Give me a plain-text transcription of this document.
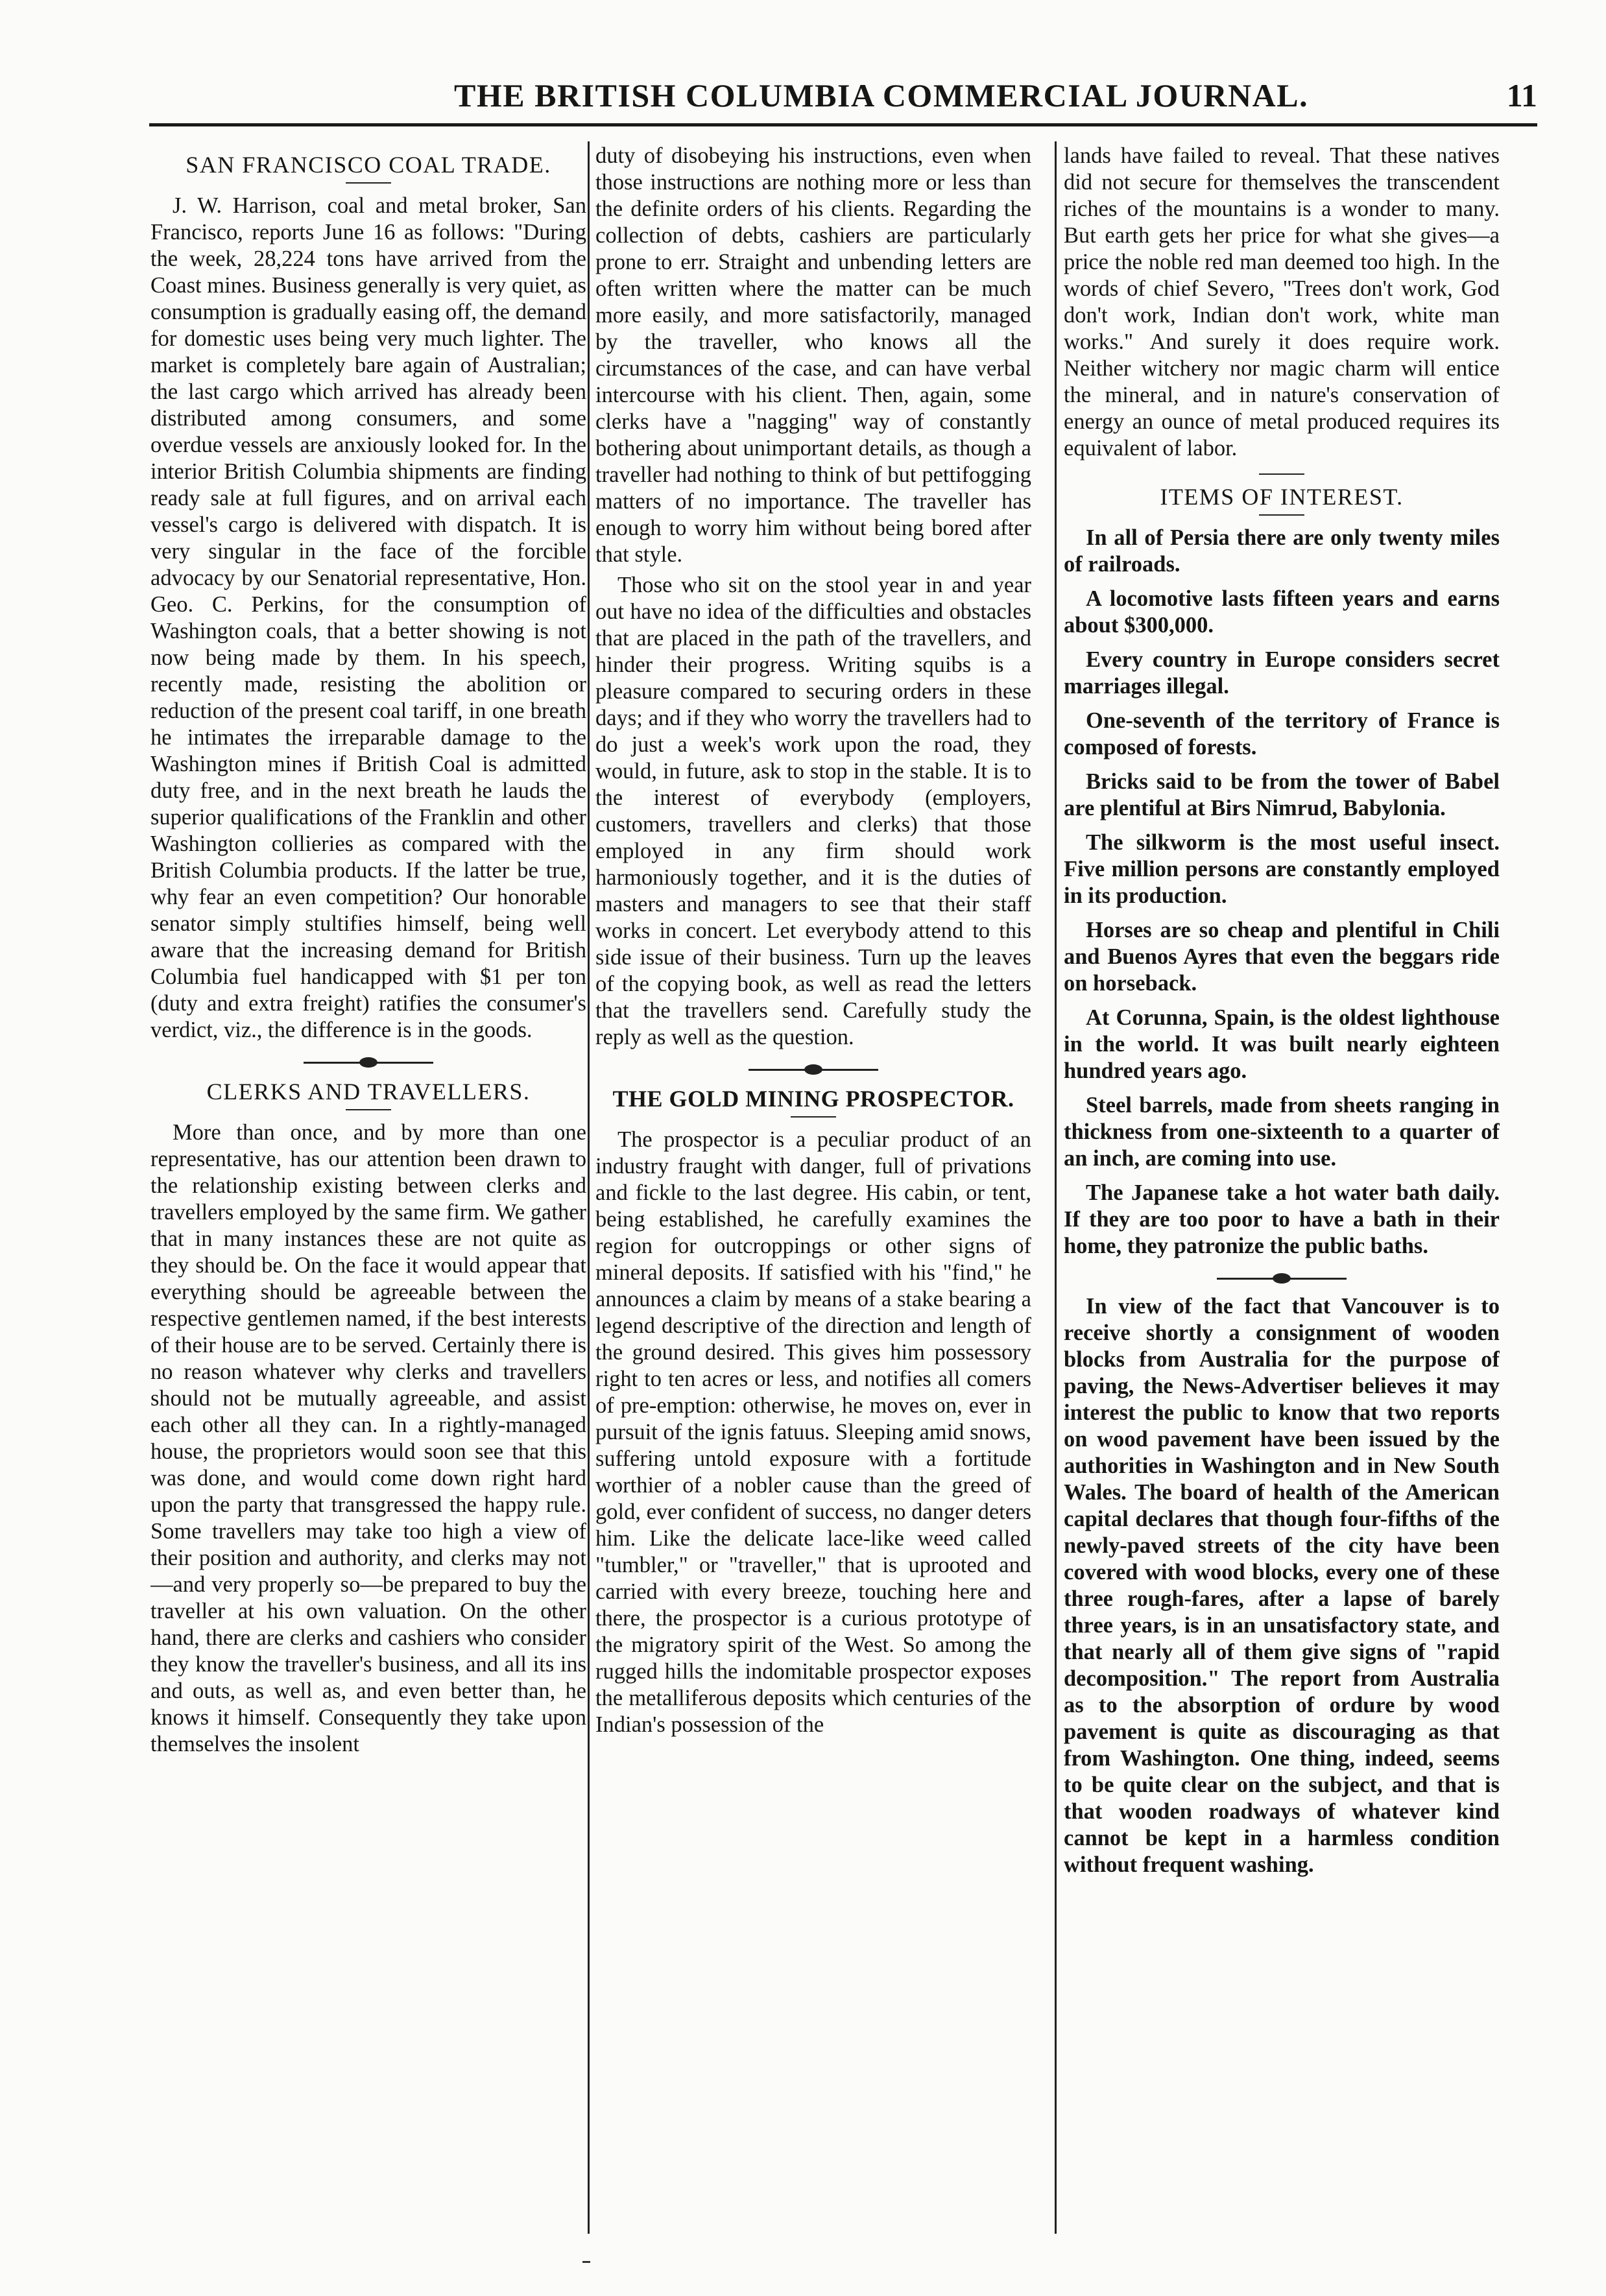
THE BRITISH COLUMBIA COMMERCIAL JOURNAL.	11
SAN FRANCISCO COAL TRADE.

J. W. Harrison, coal and metal broker, San Francisco, reports June 16 as follows: "During the week, 28,224 tons have arrived from the Coast mines. Business generally is very quiet, as consumption is gradually easing off, the demand for domestic uses being very much lighter. The market is completely bare again of Australian; the last cargo which arrived has already been distributed among consumers, and some overdue vessels are anxiously looked for. In the interior British Columbia shipments are finding ready sale at full figures, and on arrival each vessel's cargo is delivered with dispatch. It is very singular in the face of the forcible advocacy by our Senatorial representative, Hon. Geo. C. Perkins, for the consumption of Washington coals, that a better showing is not now being made by them. In his speech, recently made, resisting the abolition or reduction of the present coal tariff, in one breath he intimates the irreparable damage to the Washington mines if British Coal is admitted duty free, and in the next breath he lauds the superior qualifications of the Franklin and other Washington collieries as compared with the British Columbia products. If the latter be true, why fear an even competition? Our honorable senator simply stultifies himself, being well aware that the increasing demand for British Columbia fuel handicapped with $1 per ton (duty and extra freight) ratifies the consumer's verdict, viz., the difference is in the goods.

CLERKS AND TRAVELLERS.

More than once, and by more than one representative, has our attention been drawn to the relationship existing between clerks and travellers employed by the same firm. We gather that in many instances these are not quite as they should be. On the face it would appear that everything should be agreeable between the respective gentlemen named, if the best interests of their house are to be served. Certainly there is no reason whatever why clerks and travellers should not be mutually agreeable, and assist each other all they can. In a rightly-managed house, the proprietors would soon see that this was done, and would come down right hard upon the party that transgressed the happy rule. Some travellers may take too high a view of their position and authority, and clerks may not—and very properly so—be prepared to buy the traveller at his own valuation. On the other hand, there are clerks and cashiers who consider they know the traveller's business, and all its ins and outs, as well as, and even better than, he knows it himself. Consequently they take upon themselves the insolent

duty of disobeying his instructions, even when those instructions are nothing more or less than the definite orders of his clients. Regarding the collection of debts, cashiers are particularly prone to err. Straight and unbending letters are often written where the matter can be much more easily, and more satisfactorily, managed by the traveller, who knows all the circumstances of the case, and can have verbal intercourse with his client. Then, again, some clerks have a "nagging" way of constantly bothering about unimportant details, as though a traveller had nothing to think of but pettifogging matters of no importance. The traveller has enough to worry him without being bored after that style.

Those who sit on the stool year in and year out have no idea of the difficulties and obstacles that are placed in the path of the travellers, and hinder their progress. Writing squibs is a pleasure compared to securing orders in these days; and if they who worry the travellers had to do just a week's work upon the road, they would, in future, ask to stop in the stable. It is to the interest of everybody (employers, customers, travellers and clerks) that those employed in any firm should work harmoniously together, and it is the duties of masters and managers to see that their staff works in concert. Let everybody attend to this side issue of their business. Turn up the leaves of the copying book, as well as read the letters that the travellers send. Carefully study the reply as well as the question.

THE GOLD MINING PROSPECTOR.

The prospector is a peculiar product of an industry fraught with danger, full of privations and fickle to the last degree. His cabin, or tent, being established, he carefully examines the region for outcroppings or other signs of mineral deposits. If satisfied with his "find," he announces a claim by means of a stake bearing a legend descriptive of the direction and length of the ground desired. This gives him possessory right to ten acres or less, and notifies all comers of pre-emption: otherwise, he moves on, ever in pursuit of the ignis fatuus. Sleeping amid snows, suffering untold exposure with a fortitude worthier of a nobler cause than the greed of gold, ever confident of success, no danger deters him. Like the delicate lace-like weed called "tumbler," or "traveller," that is uprooted and carried with every breeze, touching here and there, the prospector is a curious prototype of the migratory spirit of the West. So among the rugged hills the indomitable prospector exposes the metalliferous deposits which centuries of the Indian's possession of the

lands have failed to reveal. That these natives did not secure for themselves the transcendent riches of the mountains is a wonder to many. But earth gets her price for what she gives—a price the noble red man deemed too high. In the words of chief Severo, "Trees don't work, God don't work, Indian don't work, white man works." And surely it does require work. Neither witchery nor magic charm will entice the mineral, and in nature's conservation of energy an ounce of metal produced requires its equivalent of labor.

ITEMS OF INTEREST.

In all of Persia there are only twenty miles of railroads.

A locomotive lasts fifteen years and earns about $300,000.

Every country in Europe considers secret marriages illegal.

One-seventh of the territory of France is composed of forests.

Bricks said to be from the tower of Babel are plentiful at Birs Nimrud, Babylonia.

The silkworm is the most useful insect. Five million persons are constantly employed in its production.

Horses are so cheap and plentiful in Chili and Buenos Ayres that even the beggars ride on horseback.

At Corunna, Spain, is the oldest lighthouse in the world. It was built nearly eighteen hundred years ago.

Steel barrels, made from sheets ranging in thickness from one-sixteenth to a quarter of an inch, are coming into use.

The Japanese take a hot water bath daily. If they are too poor to have a bath in their home, they patronize the public baths.

In view of the fact that Vancouver is to receive shortly a consignment of wooden blocks from Australia for the purpose of paving, the News-Advertiser believes it may interest the public to know that two reports on wood pavement have been issued by the authorities in Washington and in New South Wales. The board of health of the American capital declares that though four-fifths of the newly-paved streets of the city have been covered with wood blocks, every one of these three rough-fares, after a lapse of barely three years, is in an unsatisfactory state, and that nearly all of them give signs of "rapid decomposition." The report from Australia as to the absorption of ordure by wood pavement is quite as discouraging as that from Washington. One thing, indeed, seems to be quite clear on the subject, and that is that wooden roadways of whatever kind cannot be kept in a harmless condition without frequent washing.
